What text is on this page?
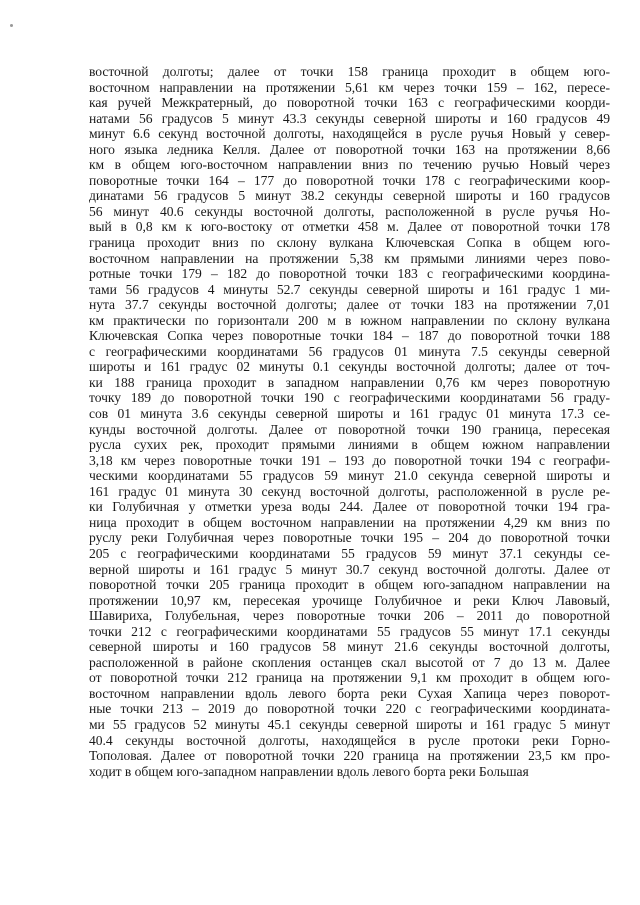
восточной долготы; далее от точки 158 граница проходит в общем юго-
восточном направлении на протяжении 5,61 км через точки 159 – 162, пересе-
кая ручей Межкратерный, до поворотной точки 163 с географическими коорди-
натами 56 градусов 5 минут 43.3 секунды северной широты и 160 градусов 49
минут 6.6 секунд восточной долготы, находящейся в русле ручья Новый у север-
ного языка ледника Келля. Далее от поворотной точки 163 на протяжении 8,66
км в общем юго-восточном направлении вниз по течению ручью Новый через
поворотные точки 164 – 177 до поворотной точки 178 с географическими коор-
динатами 56 градусов 5 минут 38.2 секунды северной широты и 160 градусов
56 минут 40.6 секунды восточной долготы, расположенной в русле ручья Но-
вый в 0,8 км к юго-востоку от отметки 458 м. Далее от поворотной точки 178
граница проходит вниз по склону вулкана Ключевская Сопка в общем юго-
восточном направлении на протяжении 5,38 км прямыми линиями через пово-
ротные точки 179 – 182 до поворотной точки 183 с географическими координа-
тами 56 градусов 4 минуты 52.7 секунды северной широты и 161 градус 1 ми-
нута 37.7 секунды восточной долготы; далее от точки 183 на протяжении 7,01
км практически по горизонтали 200 м в южном направлении по склону вулкана
Ключевская Сопка через поворотные точки 184 – 187 до поворотной точки 188
с географическими координатами 56 градусов 01 минута 7.5 секунды северной
широты и 161 градус 02 минуты 0.1 секунды восточной долготы; далее от точ-
ки 188 граница проходит в западном направлении 0,76 км через поворотную
точку 189 до поворотной точки 190 с географическими координатами 56 граду-
сов 01 минута 3.6 секунды северной широты и 161 градус 01 минута 17.3 се-
кунды восточной долготы. Далее от поворотной точки 190 граница, пересекая
русла сухих рек, проходит прямыми линиями в общем южном направлении
3,18 км через поворотные точки 191 – 193 до поворотной точки 194 с географи-
ческими координатами 55 градусов 59 минут 21.0 секунда северной широты и
161 градус 01 минута 30 секунд восточной долготы, расположенной в русле ре-
ки Голубичная у отметки уреза воды 244. Далее от поворотной точки 194 гра-
ница проходит в общем восточном направлении на протяжении 4,29 км вниз по
руслу реки Голубичная через поворотные точки 195 – 204 до поворотной точки
205 с географическими координатами 55 градусов 59 минут 37.1 секунды се-
верной широты и 161 градус 5 минут 30.7 секунд восточной долготы. Далее от
поворотной точки 205 граница проходит в общем юго-западном направлении на
протяжении 10,97 км, пересекая урочище Голубичное и реки Ключ Лавовый,
Шавириха, Голубельная, через поворотные точки 206 – 2011 до поворотной
точки 212 с географическими координатами 55 градусов 55 минут 17.1 секунды
северной широты и 160 градусов 58 минут 21.6 секунды восточной долготы,
расположенной в районе скопления останцев скал высотой от 7 до 13 м. Далее
от поворотной точки 212 граница на протяжении 9,1 км проходит в общем юго-
восточном направлении вдоль левого борта реки Сухая Хапица через поворот-
ные точки 213 – 2019 до поворотной точки 220 с географическими координата-
ми 55 градусов 52 минуты 45.1 секунды северной широты и 161 градус 5 минут
40.4 секунды восточной долготы, находящейся в русле протоки реки Горно-
Тополовая. Далее от поворотной точки 220 граница на протяжении 23,5 км про-
ходит в общем юго-западном направлении вдоль левого борта реки Большая
